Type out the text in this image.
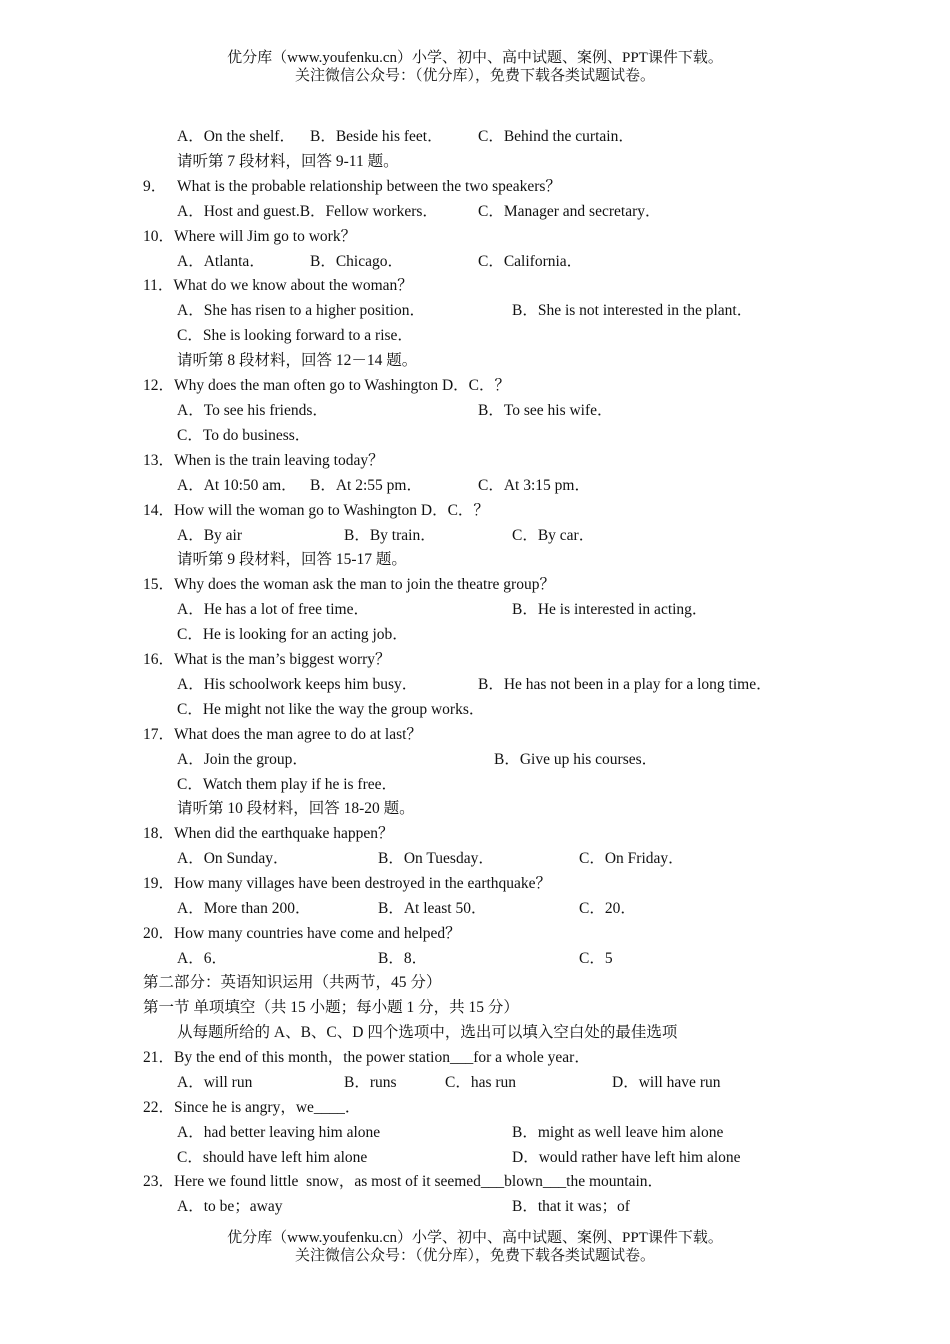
优分库（www.youfenku.cn）小学、初中、高中试题、案例、PPT课件下载。
关注微信公众号：（优分库），免费下载各类试题试卷。
A．On the shelf． B．Beside his feet． C．Behind the curtain．
请听第 7 段材料，回答 9-11 题。
9． What is the probable relationship between the two speakers？
A．Host and guest.B．Fellow workers．	C．Manager and secretary．
10．Where will Jim go to work？
A．Atlanta．	B．Chicago．	C．California．
11．What do we know about the woman？
A．She has risen to a higher position．	B．She is not interested in the plant．
C．She is looking forward to a rise．
请听第 8 段材料，回答 12－14 题。
12．Why does the man often go to Washington D．C．？
A．To see his friends．	B．To see his wife．
C．To do business．
13．When is the train leaving today？
A．At 10:50 am． B．At 2:55 pm．	C．At 3:15 pm．
14．How will the woman go to Washington D．C．？
A．By air	B．By train．	C．By car．
请听第 9 段材料，回答 15-17 题。
15．Why does the woman ask the man to join the theatre group？
A．He has a lot of free time．	B．He is interested in acting．
C．He is looking for an acting job．
16．What is the man’s biggest worry？
A．His schoolwork keeps him busy．	B．He has not been in a play for a long time．
C．He might not like the way the group works．
17．What does the man agree to do at last？
A．Join the group．	B．Give up his courses．
C．Watch them play if he is free．
请听第 10 段材料，回答 18-20 题。
18．When did the earthquake happen？
A．On Sunday．	B．On Tuesday．	C．On Friday．
19．How many villages have been destroyed in the earthquake？
A．More than 200．	B．At least 50．	C．20．
20．How many countries have come and helped？
A．6．	B．8．	C．5
第二部分：英语知识运用（共两节，45 分）
第一节 单项填空（共 15 小题；每小题 1 分，共 15 分）
从每题所给的 A、B、C、D 四个选项中，选出可以填入空白处的最佳选项
21．By the end of this month，the power station___for a whole year．
A．will run	B．runs	C．has run	D．will have run
22．Since he is angry，we____．
A．had better leaving him alone	B．might as well leave him alone
C．should have left him alone	D．would rather have left him alone
23．Here we found little  snow，as most of it seemed___blown___the mountain．
A．to be；away	B．that it was；of
优分库（www.youfenku.cn）小学、初中、高中试题、案例、PPT课件下载。
关注微信公众号：（优分库），免费下载各类试题试卷。
